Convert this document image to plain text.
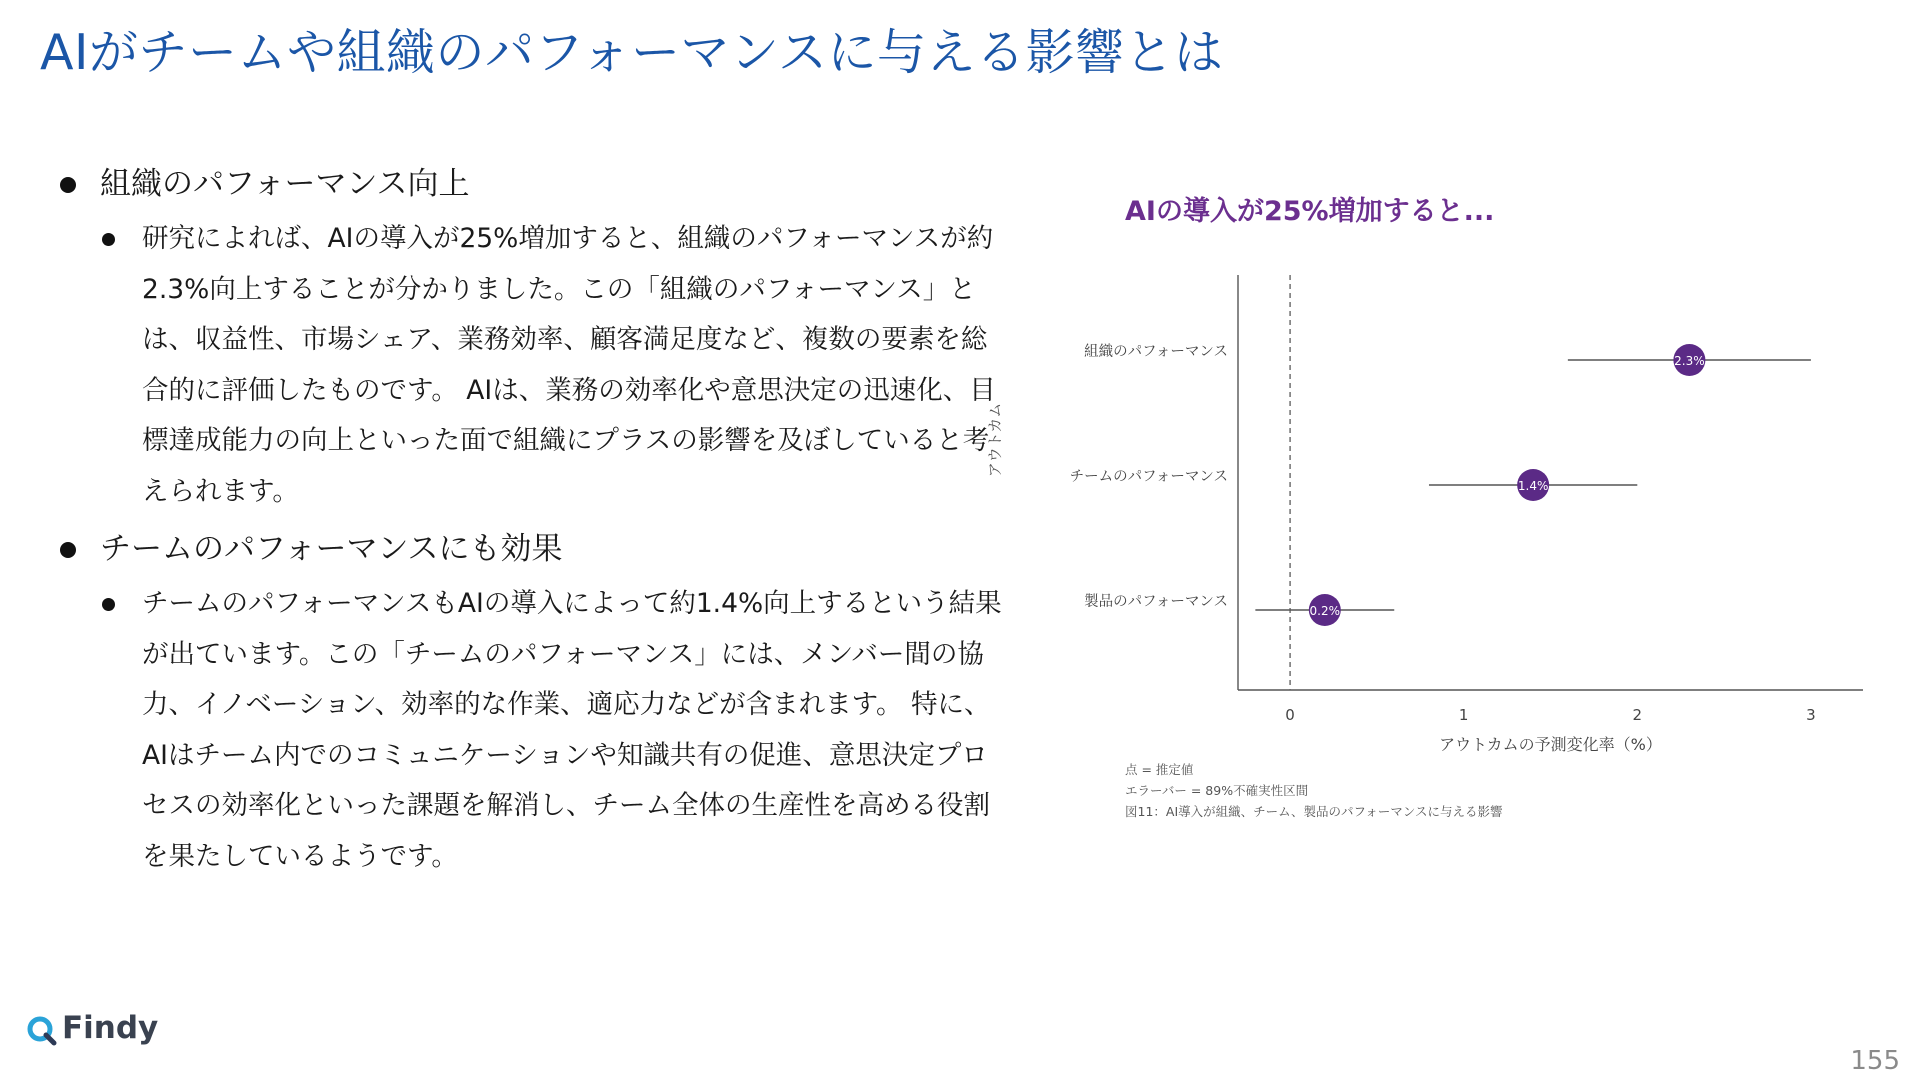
AIがチームや組織のパフォーマンスに与える影響とは
組織のパフォーマンス向上
研究によれば、AIの導入が25%増加すると、組織のパフォーマンスが約2.3%向上することが分かりました。この「組織のパフォーマンス」とは、収益性、市場シェア、業務効率、顧客満足度など、複数の要素を総合的に評価したものです。 AIは、業務の効率化や意思決定の迅速化、目標達成能力の向上といった面で組織にプラスの影響を及ぼしていると考えられます。
チームのパフォーマンスにも効果
チームのパフォーマンスもAIの導入によって約1.4%向上するという結果が出ています。この「チームのパフォーマンス」には、メンバー間の協力、イノベーション、効率的な作業、適応力などが含まれます。 特に、AIはチーム内でのコミュニケーションや知識共有の促進、意思決定プロセスの効率化といった課題を解消し、チーム全体の生産性を高める役割を果たしているようです。
AIの導入が25%増加すると...
0	1	2	3
アウトカムの予測変化率（%）
アウトカム
組織のパフォーマンス
2.3%
チームのパフォーマンス
1.4%
製品のパフォーマンス
0.2%
点 = 推定値
エラーバー = 89%不確実性区間
図11：AI導入が組織、チーム、製品のパフォーマンスに与える影響
Findy
155
